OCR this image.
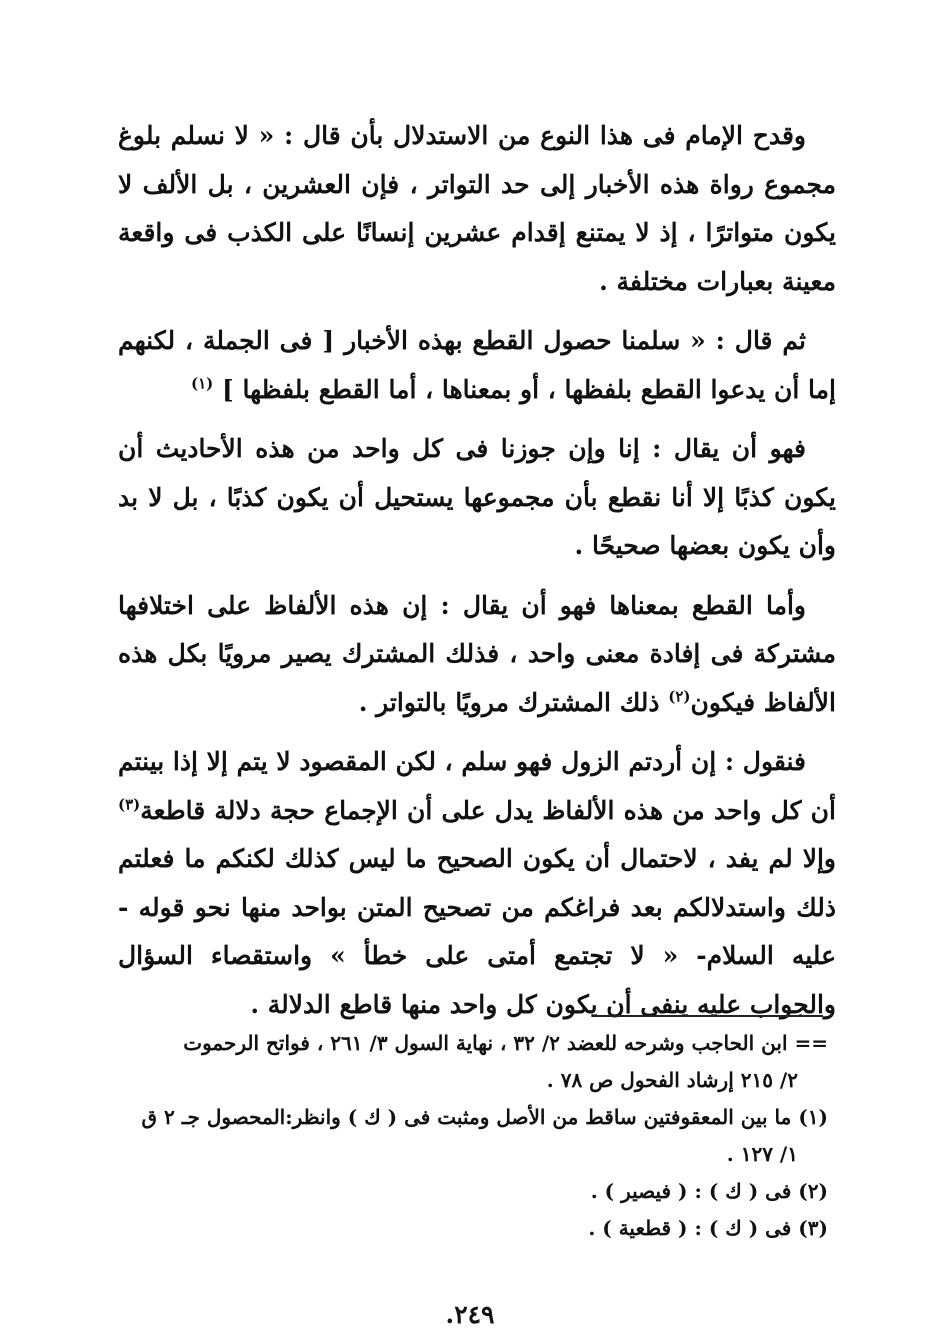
وقدح الإمام فى هذا النوع من الاستدلال بأن قال : « لا نسلم بلوغ مجموع رواة هذه الأخبار إلى حد التواتر ، فإن العشرين ، بل الألف لا يكون متواترًا ، إذ لا يمتنع إقدام عشرين إنسانًا على الكذب فى واقعة معينة بعبارات مختلفة .

ثم قال : « سلمنا حصول القطع بهذه الأخبار [ فى الجملة ، لكنهم إما أن يدعوا القطع بلفظها ، أو بمعناها ، أما القطع بلفظها ] $^{(١)}$

فهو أن يقال : إنا وإن جوزنا فى كل واحد من هذه الأحاديث أن يكون كذبًا إلا أنا نقطع بأن مجموعها يستحيل أن يكون كذبًا ، بل لا بد وأن يكون بعضها صحيحًا .

وأما القطع بمعناها فهو أن يقال : إن هذه الألفاظ على اختلافها مشتركة فى إفادة معنى واحد ، فذلك المشترك يصير مرويًا بكل هذه الألفاظ فيكون$^{(٢)}$ ذلك المشترك مرويًا بالتواتر .

فنقول : إن أردتم الزول فهو سلم ، لكن المقصود لا يتم إلا إذا بينتم أن كل واحد من هذه الألفاظ يدل على أن الإجماع حجة دلالة قاطعة$^{(٣)}$ وإلا لم يفد ، لاحتمال أن يكون الصحيح ما ليس كذلك لكنكم ما فعلتم ذلك واستدلالكم بعد فراغكم من تصحيح المتن بواحد منها نحو قوله - عليه السلام- « لا تجتمع أمتى على خطأ » واستقصاء السؤال والجواب عليه ينفى أن يكون كل واحد منها قاطع الدلالة .

== ابن الحاجب وشرحه للعضد ٢/ ٣٢ ، نهاية السول ٣/ ٢٦١ ، فواتح الرحموت

٢/ ٢١٥ إرشاد الفحول ص ٧٨ .

(١) ما بين المعقوفتين ساقط من الأصل ومثبت فى ( ك ) وانظر:المحصول جـ ٢ ق

١/ ١٢٧ .

(٢) فى ( ك ) : ( فيصير ) .

(٣) فى ( ك ) : ( قطعية ) .

٢٤٩.
